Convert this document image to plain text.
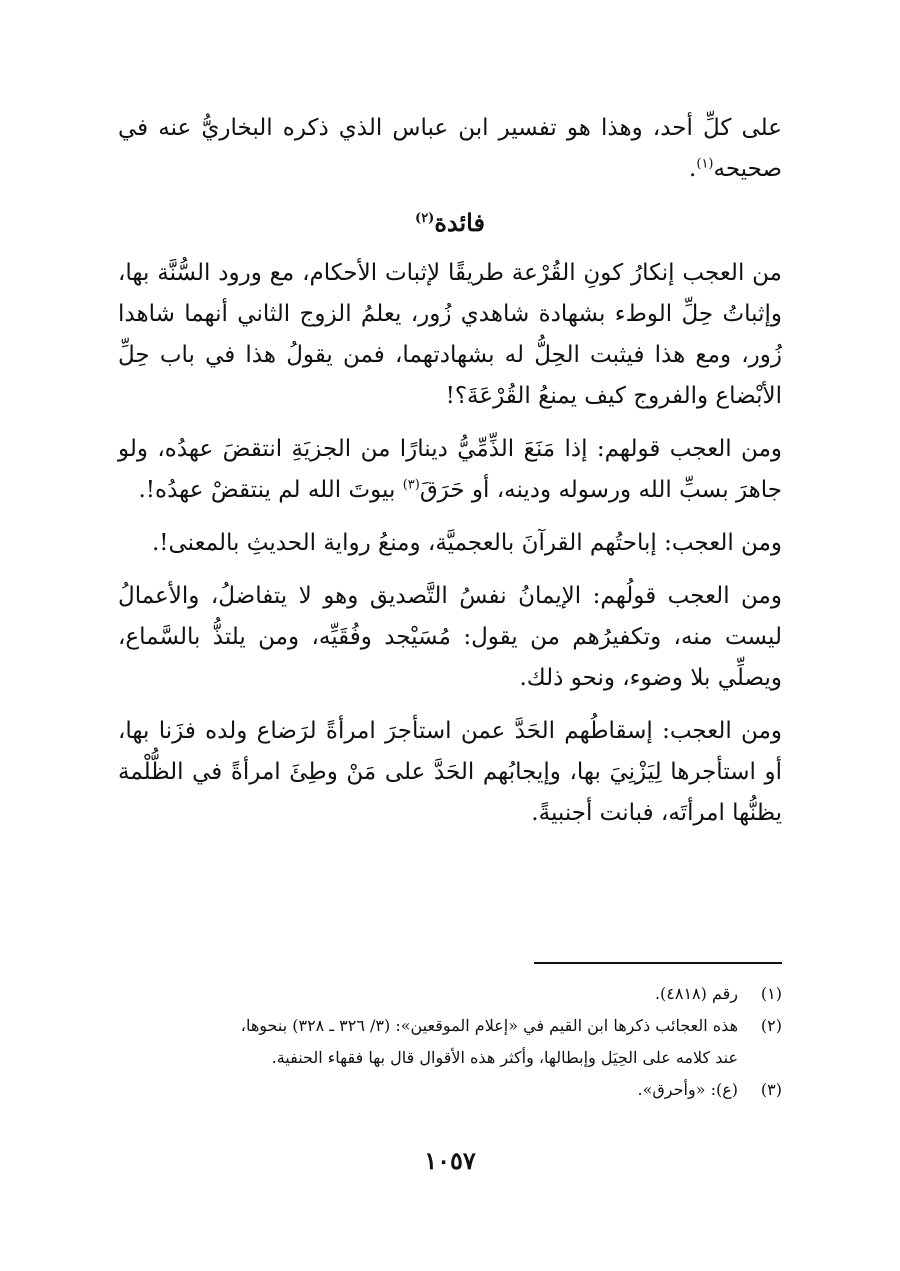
على كلِّ أحد، وهذا هو تفسير ابن عباس الذي ذكره البخاريُّ عنه في صحيحه$^{(١)}$.

فائدة$^{(٢)}$

من العجب إنكارُ كونِ القُرْعة طريقًا لإثبات الأحكام، مع ورود السُّنَّة بها، وإثباتُ حِلِّ الوطء بشهادة شاهدي زُور، يعلمُ الزوج الثاني أنهما شاهدا زُور، ومع هذا فيثبت الحِلُّ له بشهادتهما، فمن يقولُ هذا في باب حِلِّ الأبْضاع والفروج كيف يمنعُ القُرْعَةَ؟!

ومن العجب قولهم: إذا مَنَعَ الذِّمِّيُّ دينارًا من الجزيَةِ انتقضَ عهدُه، ولو جاهرَ بسبِّ الله ورسوله ودينه، أو حَرَقَ$^{(٣)}$ بيوتَ الله لم ينتقضْ عهدُه!.

ومن العجب: إباحتُهم القرآنَ بالعجميَّة، ومنعُ رواية الحديثِ بالمعنى!.

ومن العجب قولُهم: الإيمانُ نفسُ التَّصديق وهو لا يتفاضلُ، والأعمالُ ليست منه، وتكفيرُهم من يقول: مُسَيْجد وفُقَيِّه، ومن يلتذُّ بالسَّماع، ويصلِّي بلا وضوء، ونحو ذلك.

ومن العجب: إسقاطُهم الحَدَّ عمن استأجرَ امرأةً لرَضاع ولده فزَنا بها، أو استأجرها لِيَزْنِيَ بها، وإيجابُهم الحَدَّ على مَنْ وطِئَ امرأةً في الظُّلْمة يظنُّها امرأتَه، فبانت أجنبيةً.

(١)
رقم (٤٨١٨).
(٢)
هذه العجائب ذكرها ابن القيم في «إعلام الموقعين»: (٣/ ٣٢٦ ـ ٣٢٨) بنحوها،
عند كلامه على الحِيَل وإبطالها، وأكثر هذه الأقوال قال بها فقهاء الحنفية.
(٣)
(ع): «وأحرق».
١٠٥٧
